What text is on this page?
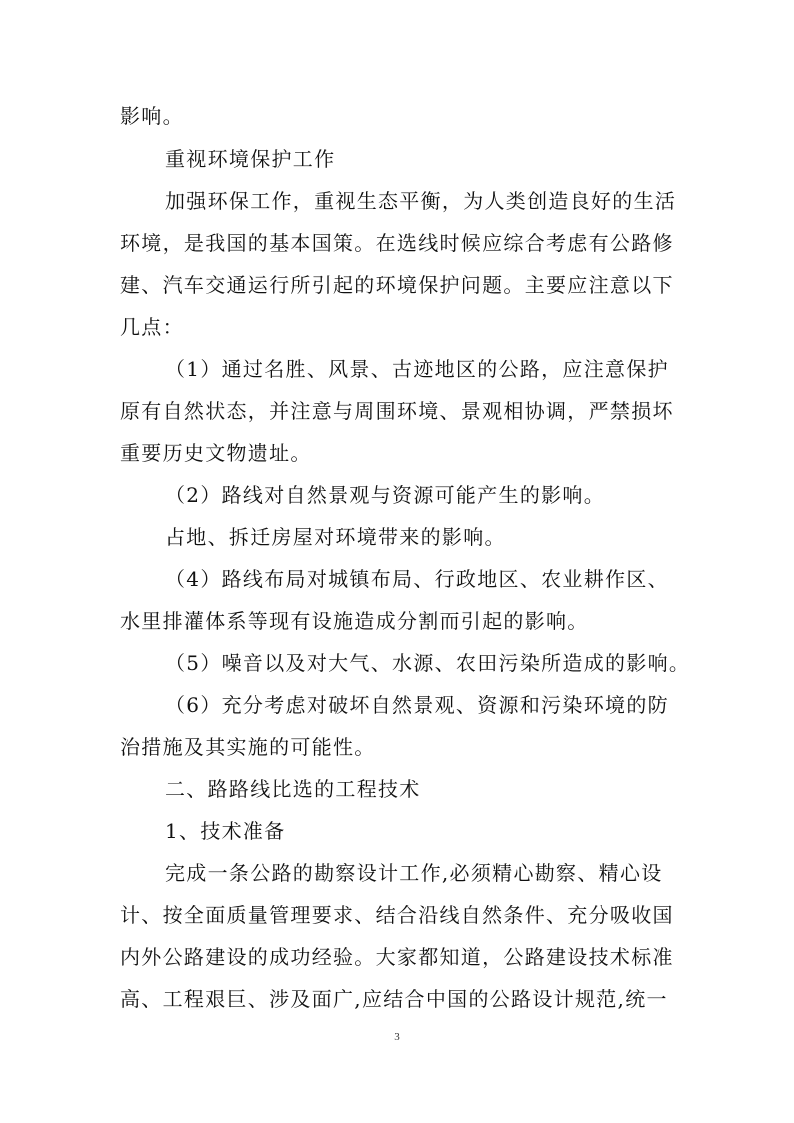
影响。
重视环境保护工作
加强环保工作，重视生态平衡，为人类创造良好的生活
环境，是我国的基本国策。在选线时候应综合考虑有公路修
建、汽车交通运行所引起的环境保护问题。主要应注意以下
几点：
（1）通过名胜、风景、古迹地区的公路，应注意保护
原有自然状态，并注意与周围环境、景观相协调，严禁损坏
重要历史文物遗址。
（2）路线对自然景观与资源可能产生的影响。
占地、拆迁房屋对环境带来的影响。
（4）路线布局对城镇布局、行政地区、农业耕作区、
水里排灌体系等现有设施造成分割而引起的影响。
（5）噪音以及对大气、水源、农田污染所造成的影响。
（6）充分考虑对破坏自然景观、资源和污染环境的防
治措施及其实施的可能性。
二、路路线比选的工程技术
1、技术准备
完成一条公路的勘察设计工作,必须精心勘察、精心设
计、按全面质量管理要求、结合沿线自然条件、充分吸收国
内外公路建设的成功经验。大家都知道，公路建设技术标准
高、工程艰巨、涉及面广,应结合中国的公路设计规范,统一
3
